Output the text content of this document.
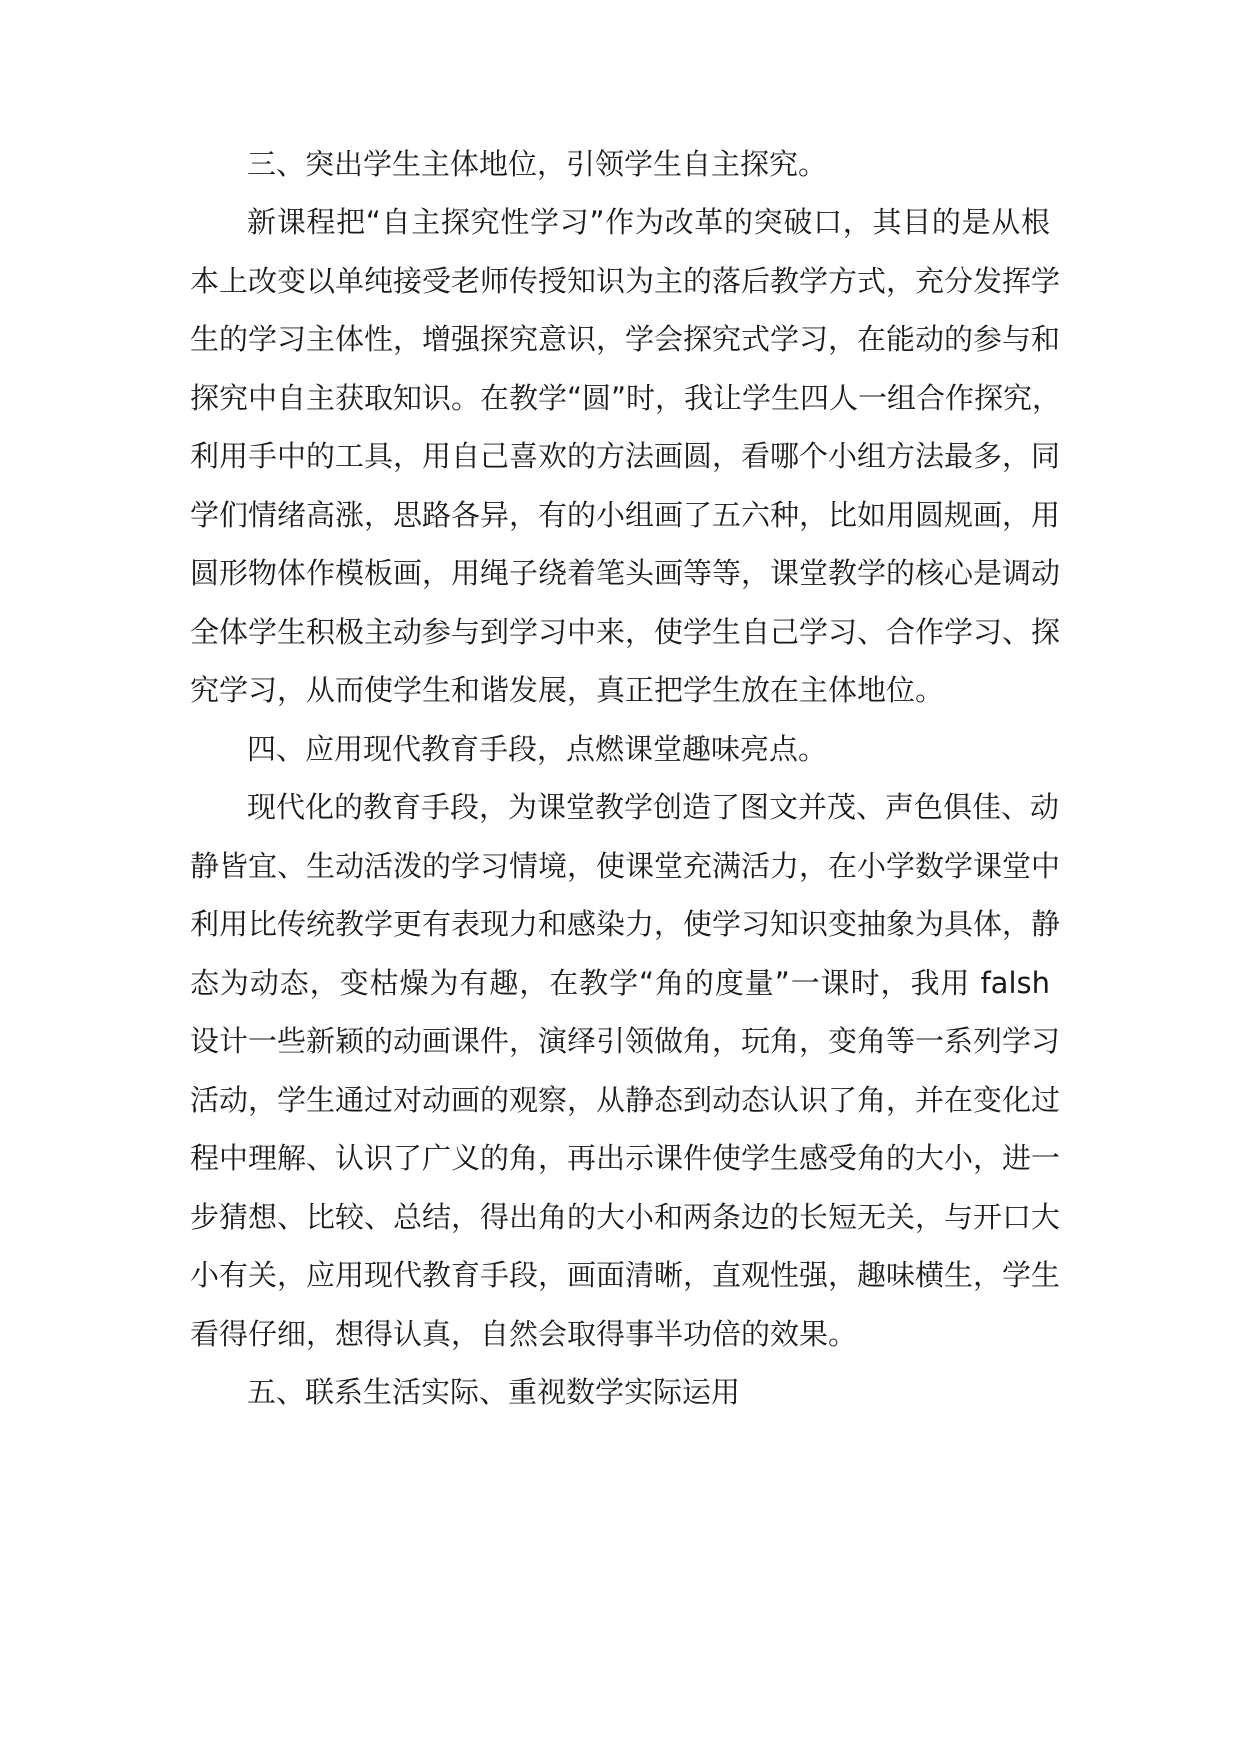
三、突出学生主体地位，引领学生自主探究。
新课程把“自主探究性学习”作为改革的突破口，其目的是从根
本上改变以单纯接受老师传授知识为主的落后教学方式，充分发挥学
生的学习主体性，增强探究意识，学会探究式学习，在能动的参与和
探究中自主获取知识。在教学“圆”时，我让学生四人一组合作探究，
利用手中的工具，用自己喜欢的方法画圆，看哪个小组方法最多，同
学们情绪高涨，思路各异，有的小组画了五六种，比如用圆规画，用
圆形物体作模板画，用绳子绕着笔头画等等，课堂教学的核心是调动
全体学生积极主动参与到学习中来，使学生自己学习、合作学习、探
究学习，从而使学生和谐发展，真正把学生放在主体地位。
四、应用现代教育手段，点燃课堂趣味亮点。
现代化的教育手段，为课堂教学创造了图文并茂、声色俱佳、动
静皆宜、生动活泼的学习情境，使课堂充满活力，在小学数学课堂中
利用比传统教学更有表现力和感染力，使学习知识变抽象为具体，静
态为动态，变枯燥为有趣，在教学“角的度量”一课时，我用 falsh
设计一些新颖的动画课件，演绎引领做角，玩角，变角等一系列学习
活动，学生通过对动画的观察，从静态到动态认识了角，并在变化过
程中理解、认识了广义的角，再出示课件使学生感受角的大小，进一
步猜想、比较、总结，得出角的大小和两条边的长短无关，与开口大
小有关，应用现代教育手段，画面清晰，直观性强，趣味横生，学生
看得仔细，想得认真，自然会取得事半功倍的效果。
五、联系生活实际、重视数学实际运用
